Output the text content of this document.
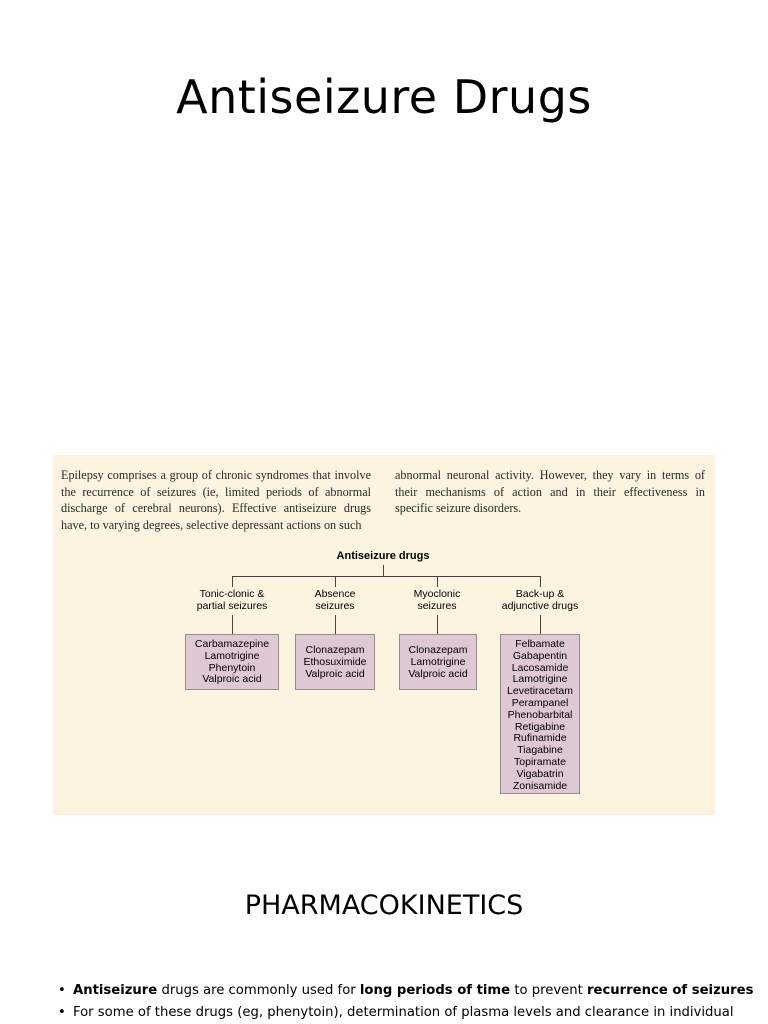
Antiseizure Drugs

Epilepsy comprises a group of chronic syndromes that involve the recurrence of seizures (ie, limited periods of abnormal discharge of cerebral neurons). Effective antiseizure drugs have, to varying degrees, selective depressant actions on such

abnormal neuronal activity. However, they vary in terms of their mechanisms of action and in their effectiveness in specific seizure disorders.

Antiseizure drugs
Tonic-clonic &
partial seizures
Absence
seizures
Myoclonic
seizures
Back-up &
adjunctive drugs
Carbamazepine
Lamotrigine
Phenytoin
Valproic acid
Clonazepam
Ethosuximide
Valproic acid
Clonazepam
Lamotrigine
Valproic acid
Felbamate
Gabapentin
Lacosamide
Lamotrigine
Levetiracetam
Perampanel
Phenobarbital
Retigabine
Rufinamide
Tiagabine
Topiramate
Vigabatrin
Zonisamide
PHARMACOKINETICS
• Antiseizure drugs are commonly used for long periods of time to prevent recurrence of seizures
• For some of these drugs (eg, phenytoin), determination of plasma levels and clearance in individual
